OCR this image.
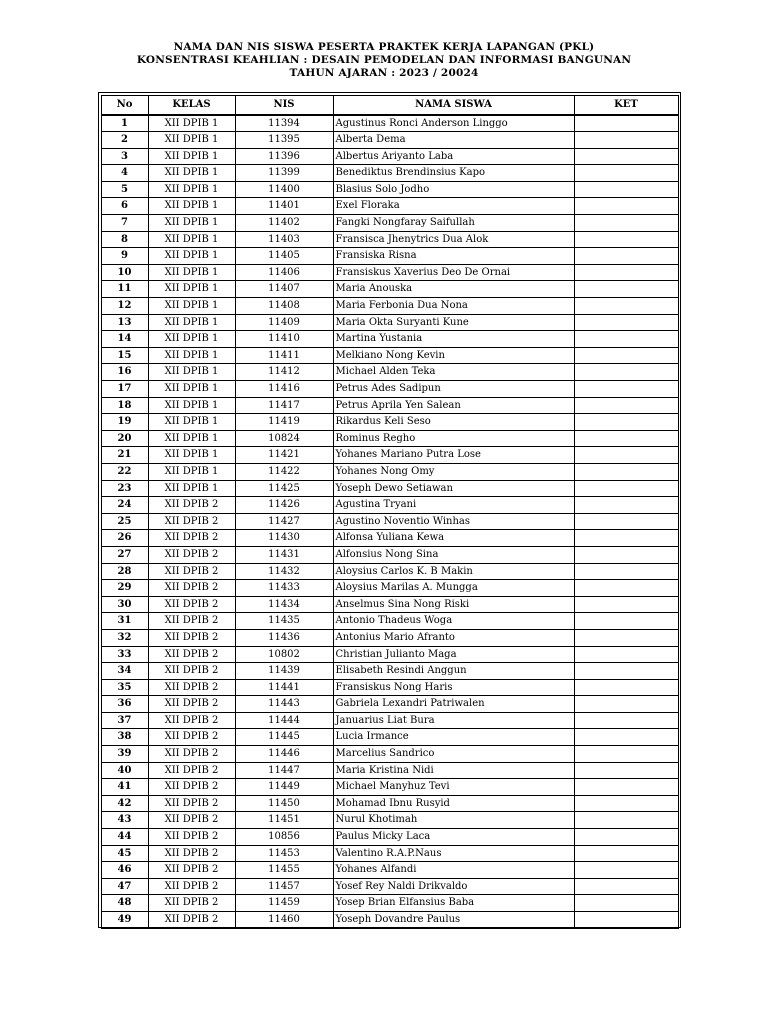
NAMA DAN NIS SISWA PESERTA PRAKTEK KERJA LAPANGAN (PKL)
KONSENTRASI KEAHLIAN : DESAIN PEMODELAN DAN INFORMASI BANGUNAN
TAHUN AJARAN : 2023 / 20024
No	KELAS	NIS	NAMA SISWA	KET
1	XII DPIB 1	11394	Agustinus Ronci Anderson Linggo	
2	XII DPIB 1	11395	Alberta Dema	
3	XII DPIB 1	11396	Albertus Ariyanto Laba	
4	XII DPIB 1	11399	Benediktus Brendinsius Kapo	
5	XII DPIB 1	11400	Blasius Solo Jodho	
6	XII DPIB 1	11401	Exel Floraka	
7	XII DPIB 1	11402	Fangki Nongfaray Saifullah	
8	XII DPIB 1	11403	Fransisca Jhenytrics Dua Alok	
9	XII DPIB 1	11405	Fransiska Risna	
10	XII DPIB 1	11406	Fransiskus Xaverius Deo De Ornai	
11	XII DPIB 1	11407	Maria Anouska	
12	XII DPIB 1	11408	Maria Ferbonia Dua Nona	
13	XII DPIB 1	11409	Maria Okta Suryanti Kune	
14	XII DPIB 1	11410	Martina Yustania	
15	XII DPIB 1	11411	Melkiano Nong Kevin	
16	XII DPIB 1	11412	Michael Alden Teka	
17	XII DPIB 1	11416	Petrus Ades Sadipun	
18	XII DPIB 1	11417	Petrus Aprila Yen Salean	
19	XII DPIB 1	11419	Rikardus Keli Seso	
20	XII DPIB 1	10824	Rominus Regho	
21	XII DPIB 1	11421	Yohanes Mariano Putra Lose	
22	XII DPIB 1	11422	Yohanes Nong Omy	
23	XII DPIB 1	11425	Yoseph Dewo Setiawan	
24	XII DPIB 2	11426	Agustina Tryani	
25	XII DPIB 2	11427	Agustino Noventio Winhas	
26	XII DPIB 2	11430	Alfonsa Yuliana Kewa	
27	XII DPIB 2	11431	Alfonsius Nong Sina	
28	XII DPIB 2	11432	Aloysius Carlos K. B Makin	
29	XII DPIB 2	11433	Aloysius Marilas A. Mungga	
30	XII DPIB 2	11434	Anselmus Sina Nong Riski	
31	XII DPIB 2	11435	Antonio Thadeus Woga	
32	XII DPIB 2	11436	Antonius Mario Afranto	
33	XII DPIB 2	10802	Christian Julianto Maga	
34	XII DPIB 2	11439	Elisabeth Resindi Anggun	
35	XII DPIB 2	11441	Fransiskus Nong Haris	
36	XII DPIB 2	11443	Gabriela Lexandri Patriwalen	
37	XII DPIB 2	11444	Januarius Liat Bura	
38	XII DPIB 2	11445	Lucia Irmance	
39	XII DPIB 2	11446	Marcelius Sandrico	
40	XII DPIB 2	11447	Maria Kristina Nidi	
41	XII DPIB 2	11449	Michael Manyhuz Tevi	
42	XII DPIB 2	11450	Mohamad Ibnu Rusyid	
43	XII DPIB 2	11451	Nurul Khotimah	
44	XII DPIB 2	10856	Paulus Micky Laca	
45	XII DPIB 2	11453	Valentino R.A.P.Naus	
46	XII DPIB 2	11455	Yohanes Alfandi	
47	XII DPIB 2	11457	Yosef Rey Naldi Drikvaldo	
48	XII DPIB 2	11459	Yosep Brian Elfansius Baba	
49	XII DPIB 2	11460	Yoseph Dovandre Paulus	
